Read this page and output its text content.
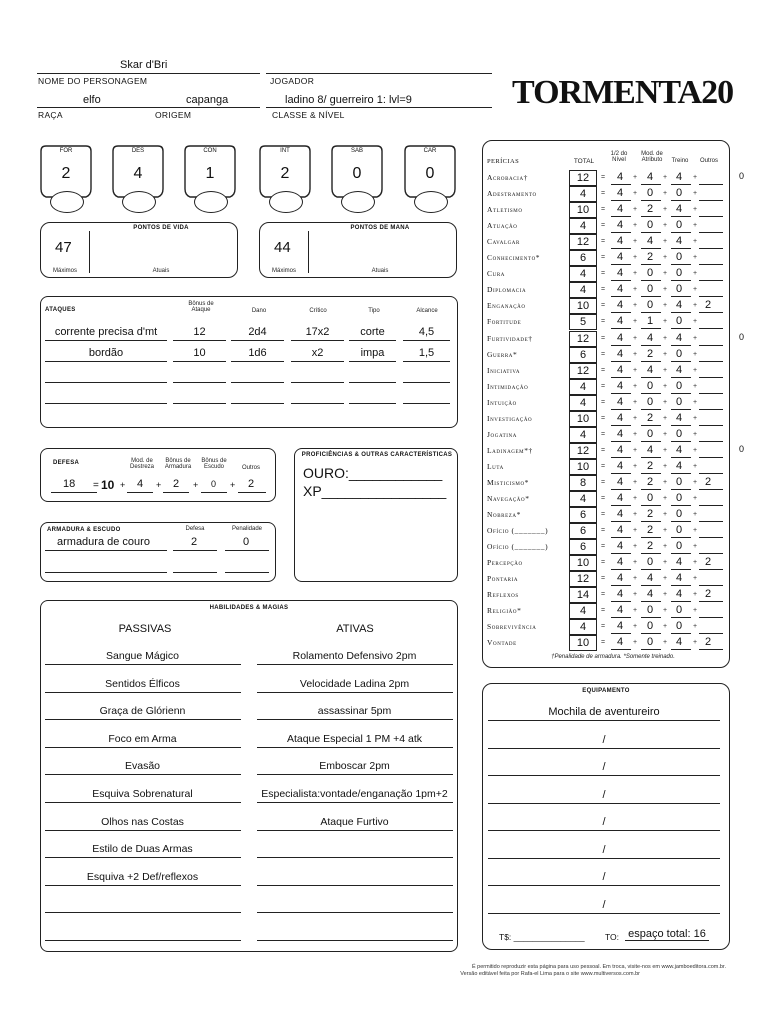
Skar d'Bri
NOME DO PERSONAGEM	JOGADOR
elfo	capanga	ladino 8/ guerreiro 1: lvl=9
RAÇA	ORIGEM	CLASSE & NÍVEL
TORMENTA20
FOR
2
DES
4
CON
1
INT
2
SAB
0
CAR
0
PONTOS DE VIDA
47
Máximos	Atuais
PONTOS DE MANA
44
Máximos	Atuais
ATAQUES
Bônus de Ataque	Dano	Crítico	Tipo	Alcance
corrente precisa d'mt	12	2d4	17x2	corte	4,5
bordão	10	1d6	x2	impa	1,5
DEFESA	Mod. de Destreza
Bônus de Armadura
Bônus de Escudo	Outros
18 = 10 + 4 + 2 + 0 + 2
ARMADURA & ESCUDO	Defesa	Penalidade
armadura de couro	2	0
PROFICIÊNCIAS & OUTRAS CARACTERÍSTICAS
OURO:____________
XP________________
HABILIDADES & MAGIAS
PASSIVAS	ATIVAS
Sangue Mágico	Rolamento Defensivo 2pm
Sentidos Élficos	Velocidade Ladina 2pm
Graça de Glórienn	assassinar 5pm
Foco em Arma	Ataque Especial 1 PM +4 atk
Evasão	Emboscar 2pm
Esquiva Sobrenatural	Especialista:vontade/enganação 1pm+2
Olhos nas Costas	Ataque Furtivo
Estilo de Duas Armas
Esquiva +2 Def/reflexos
PERÍCIAS	TOTAL
1/2 do Nível
Mod. de Atributo	Treino	Outros
†Penalidade de armadura. *Somente treinado.
Acrobacia†	12	= 4 + 4 + 4 +	0
Adestramento	4	= 4 + 0 + 0 +
Atletismo	10	= 4 + 2 + 4 +
Atuação	4	= 4 + 0 + 0 +
Cavalgar	12	= 4 + 4 + 4 +
Conhecimento*	6	= 4 + 2 + 0 +
Cura	4	= 4 + 0 + 0 +
Diplomacia	4	= 4 + 0 + 0 +
Enganação	10	= 4 + 0 + 4 + 2
Fortitude	5	= 4 + 1 + 0 +
Furtividade†	12	= 4 + 4 + 4 +	0
Guerra*	6	= 4 + 2 + 0 +
Iniciativa	12	= 4 + 4 + 4 +
Intimidação	4	= 4 + 0 + 0 +
Intuição	4	= 4 + 0 + 0 +
Investigação	10	= 4 + 2 + 4 +
Jogatina	4	= 4 + 0 + 0 +
Ladinagem*†	12	= 4 + 4 + 4 +	0
Luta	10	= 4 + 2 + 4 +
Misticismo*	8	= 4 + 2 + 0 + 2
Navegação*	4	= 4 + 0 + 0 +
Nobreza*	6	= 4 + 2 + 0 +
Ofício (_______)	6	= 4 + 2 + 0 +
Ofício (_______)	6	= 4 + 2 + 0 +
Percepção	10	= 4 + 0 + 4 + 2
Pontaria	12	= 4 + 4 + 4 +
Reflexos	14	= 4 + 4 + 4 + 2
Religião*	4	= 4 + 0 + 0 +
Sobrevivência	4	= 4 + 0 + 0 +
Vontade	10	= 4 + 0 + 4 + 2
EQUIPAMENTO
T$: _______________ TO: espaço total: 16
Mochila de aventureiro
/
/
/
/
/
/
/
É permitido reproduzir esta página para uso pessoal. Em troca, visite-nos em www.jamboeditora.com.br.
Versão editável feita por Rafa-el Lima para o site www.multiversos.com.br
